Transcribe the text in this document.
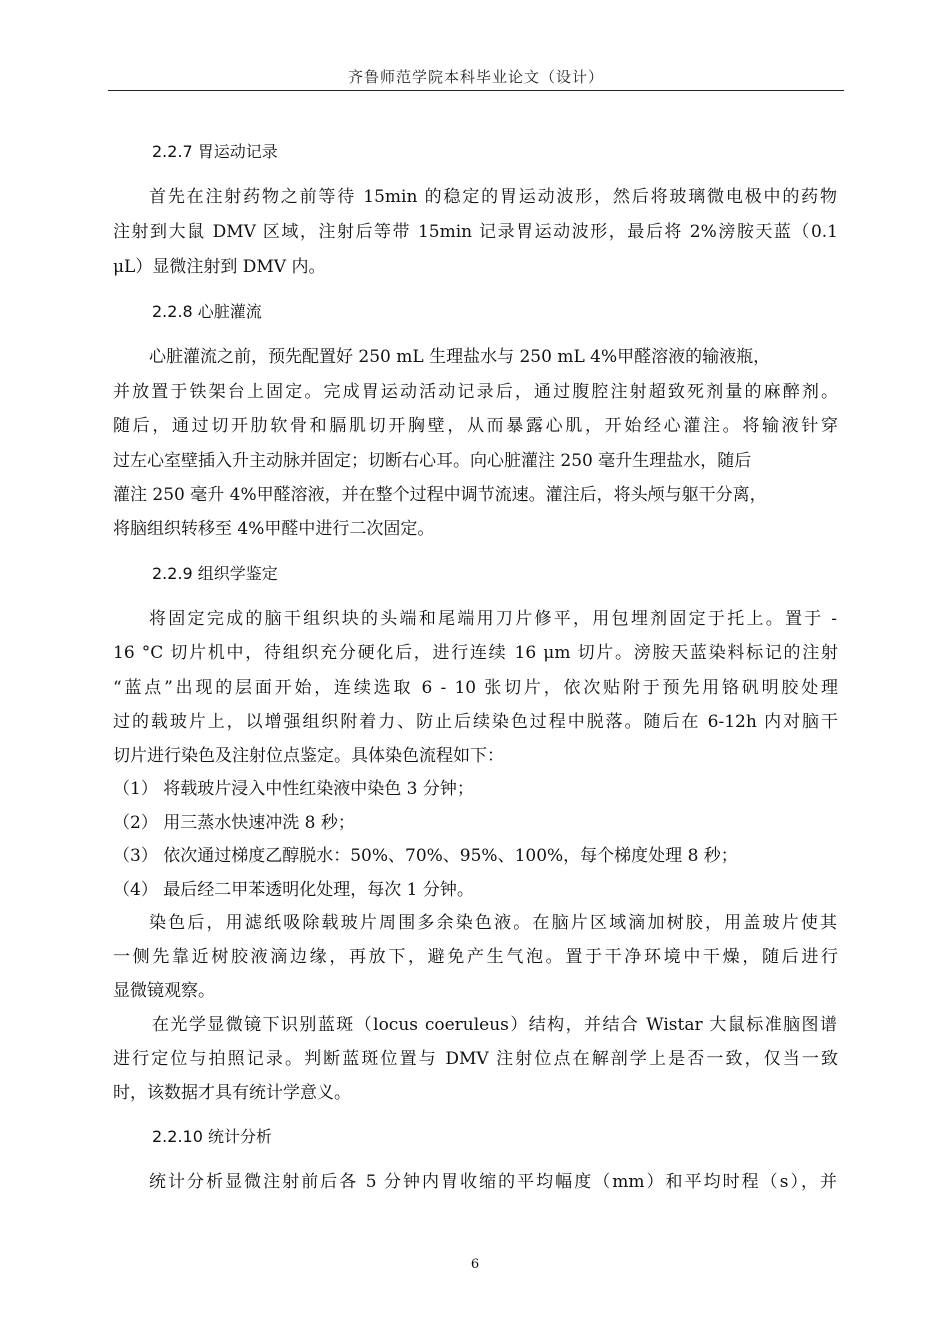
齐鲁师范学院本科毕业论文（设计）
2.2.7 胃运动记录
首先在注射药物之前等待 15min 的稳定的胃运动波形，然后将玻璃微电极中的药物
注射到大鼠 DMV 区域，注射后等带 15min 记录胃运动波形，最后将 2%滂胺天蓝（0.1
μL）显微注射到 DMV 内。
2.2.8 心脏灌流
心脏灌流之前，预先配置好 250 mL 生理盐水与 250 mL 4%甲醛溶液的输液瓶，
并放置于铁架台上固定。完成胃运动活动记录后，通过腹腔注射超致死剂量的麻醉剂。
随后，通过切开肋软骨和膈肌切开胸壁，从而暴露心肌，开始经心灌注。将输液针穿
过左心室壁插入升主动脉并固定；切断右心耳。向心脏灌注 250 毫升生理盐水，随后
灌注 250 毫升 4%甲醛溶液，并在整个过程中调节流速。灌注后，将头颅与躯干分离，
将脑组织转移至 4%甲醛中进行二次固定。
2.2.9 组织学鉴定
将固定完成的脑干组织块的头端和尾端用刀片修平，用包埋剂固定于托上。置于 -
16 °C 切片机中，待组织充分硬化后，进行连续 16 μm 切片。滂胺天蓝染料标记的注射
“蓝点”出现的层面开始，连续选取 6 - 10 张切片，依次贴附于预先用铬矾明胶处理
过的载玻片上，以增强组织附着力、防止后续染色过程中脱落。随后在 6-12h 内对脑干
切片进行染色及注射位点鉴定。具体染色流程如下：
（1） 将载玻片浸入中性红染液中染色 3 分钟；
（2） 用三蒸水快速冲洗 8 秒；
（3） 依次通过梯度乙醇脱水：50%、70%、95%、100%，每个梯度处理 8 秒；
（4） 最后经二甲苯透明化处理，每次 1 分钟。
染色后，用滤纸吸除载玻片周围多余染色液。在脑片区域滴加树胶，用盖玻片使其
一侧先靠近树胶液滴边缘，再放下，避免产生气泡。置于干净环境中干燥，随后进行
显微镜观察。
在光学显微镜下识别蓝斑（locus coeruleus）结构，并结合 Wistar 大鼠标准脑图谱
进行定位与拍照记录。判断蓝斑位置与 DMV 注射位点在解剖学上是否一致，仅当一致
时，该数据才具有统计学意义。
2.2.10 统计分析
统计分析显微注射前后各 5 分钟内胃收缩的平均幅度（mm）和平均时程（s），并
6
